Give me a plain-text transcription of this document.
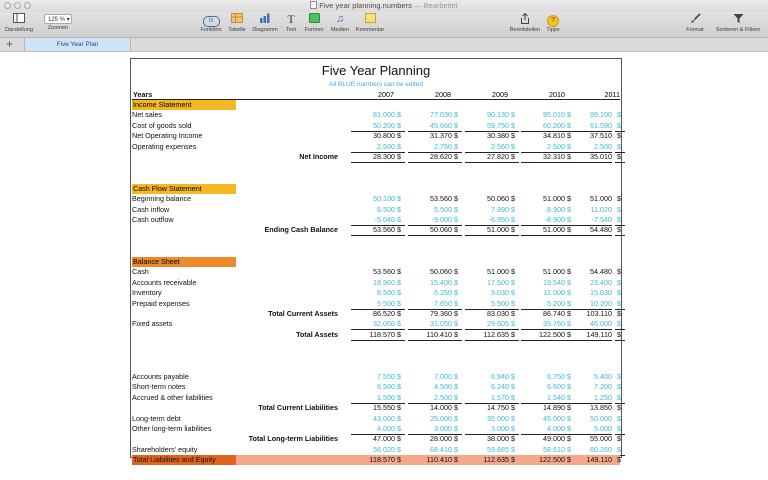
Five year planning.numbers — Bearbeitet
Darstellung
125 % ▾
Zoomen
fx
Funktion	Tabelle	Diagramm
T
Text	Formen
♫
Medien	Kommentar	Bereitstellen
?
Tipps	Format	Sortieren & Filtern
+	Five Year Plan
Five Year Planning
All BLUE numbers can be edited
Years	2007	2008	2009	2010	2011
Income Statement
Net sales	81.000 $	77.030 $	90.130 $	95.010 $	99.100 $
Cost of goods sold	50.200 $	45.660 $	59.750 $	60.200 $	61.590 $
Net Operating Income	30.800 $	31.370 $	30.380 $	34.810 $	37.510 $
Operating expenses	2.500 $	2.750 $	2.560 $	2.500 $	2.500 $
Net Income	28.300 $	28.620 $	27.820 $	32.310 $	35.010 $
Cash Flow Statement
Beginning balance	50.100 $	53.560 $	50.060 $	51.000 $	51.000 $
Cash inflow	8.500 $	5.500 $	7.890 $	8.900 $	11.020 $
Cash outflow	-5.040 $	-9.000 $	-6.950 $	-8.900 $	-7.540 $
Ending Cash Balance	53.560 $	50.060 $	51.000 $	51.000 $	54.480 $
Balance Sheet
Cash	53.560 $	50.060 $	51.000 $	51.000 $	54.480 $
Accounts receivable	18.960 $	15.400 $	17.500 $	19.540 $	23.400 $
Inventory	8.500 $	6.250 $	9.030 $	11.000 $	15.030 $
Prepaid expenses	5.500 $	7.650 $	5.500 $	5.200 $	10.200 $
Total Current Assets	86.520 $	79.360 $	83.030 $	86.740 $	103.110 $
Fixed assets	32.050 $	31.050 $	29.605 $	35.760 $	46.000 $
Total Assets	118.570 $	110.410 $	112.635 $	122.500 $	149.110 $
Accounts payable	7.550 $	7.000 $	6.940 $	6.750 $	5.400 $
Short-term notes	6.500 $	4.500 $	6.240 $	6.600 $	7.200 $
Accrued & other liabilities	1.500 $	2.500 $	1.570 $	1.540 $	1.250 $
Total Current Liabilities	15.550 $	14.000 $	14.750 $	14.890 $	13.850 $
Long-term debt	43.000 $	25.000 $	35.000 $	45.000 $	50.000 $
Other long-term liabilities	4.000 $	3.000 $	3.000 $	4.000 $	5.000 $
Total Long-term Liabilities	47.000 $	28.000 $	38.000 $	49.000 $	55.000 $
Shareholders' equity	56.020 $	68.410 $	59.885 $	58.610 $	80.260 $
Total Liabilities and Equity	118.570 $	110.410 $	112.635 $	122.500 $	149.110 $
